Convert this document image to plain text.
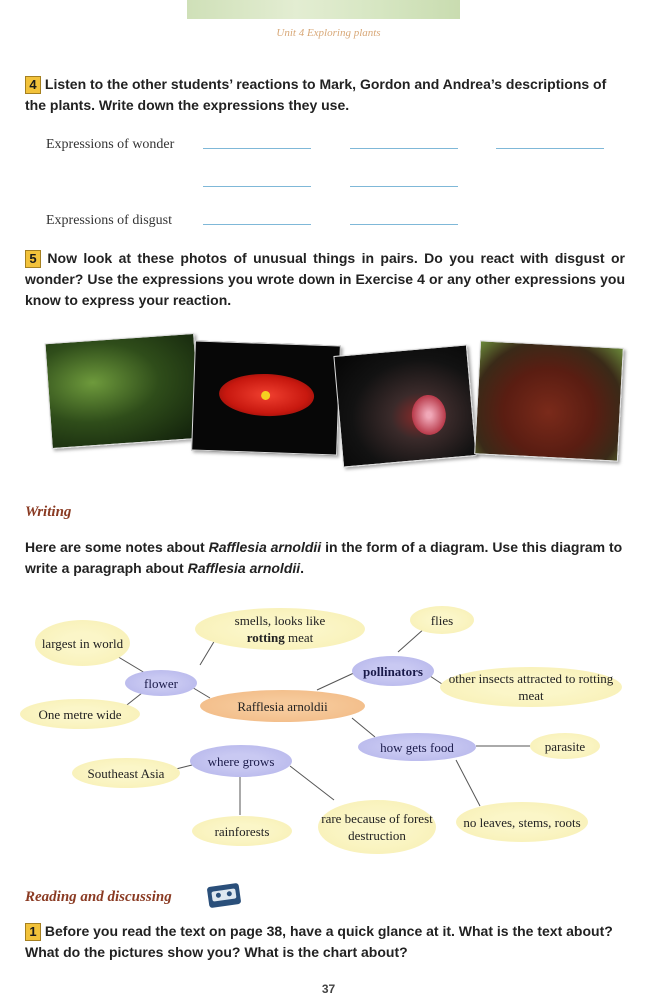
Unit 4 Exploring plants
4 Listen to the other students’ reactions to Mark, Gordon and Andrea’s descriptions of the plants. Write down the expressions they use.
Expressions of wonder
Expressions of disgust
5 Now look at these photos of unusual things in pairs. Do you react with disgust or wonder? Use the expressions you wrote down in Exercise 4 or any other expressions you know to express your reaction.
Writing
Here are some notes about Rafflesia arnoldii in the form of a diagram. Use this diagram to write a paragraph about Rafflesia arnoldii.
largest in world
smells, looks like
rotting meat
flies
flower
pollinators	other insects attracted to rotting meat
Rafflesia arnoldii
One metre wide
how gets food	parasite
where grows
Southeast Asia
rare because of forest destruction
no leaves, stems, roots
rainforests
Reading and discussing
1 Before you read the text on page 38, have a quick glance at it. What is the text about? What do the pictures show you? What is the chart about?
37
